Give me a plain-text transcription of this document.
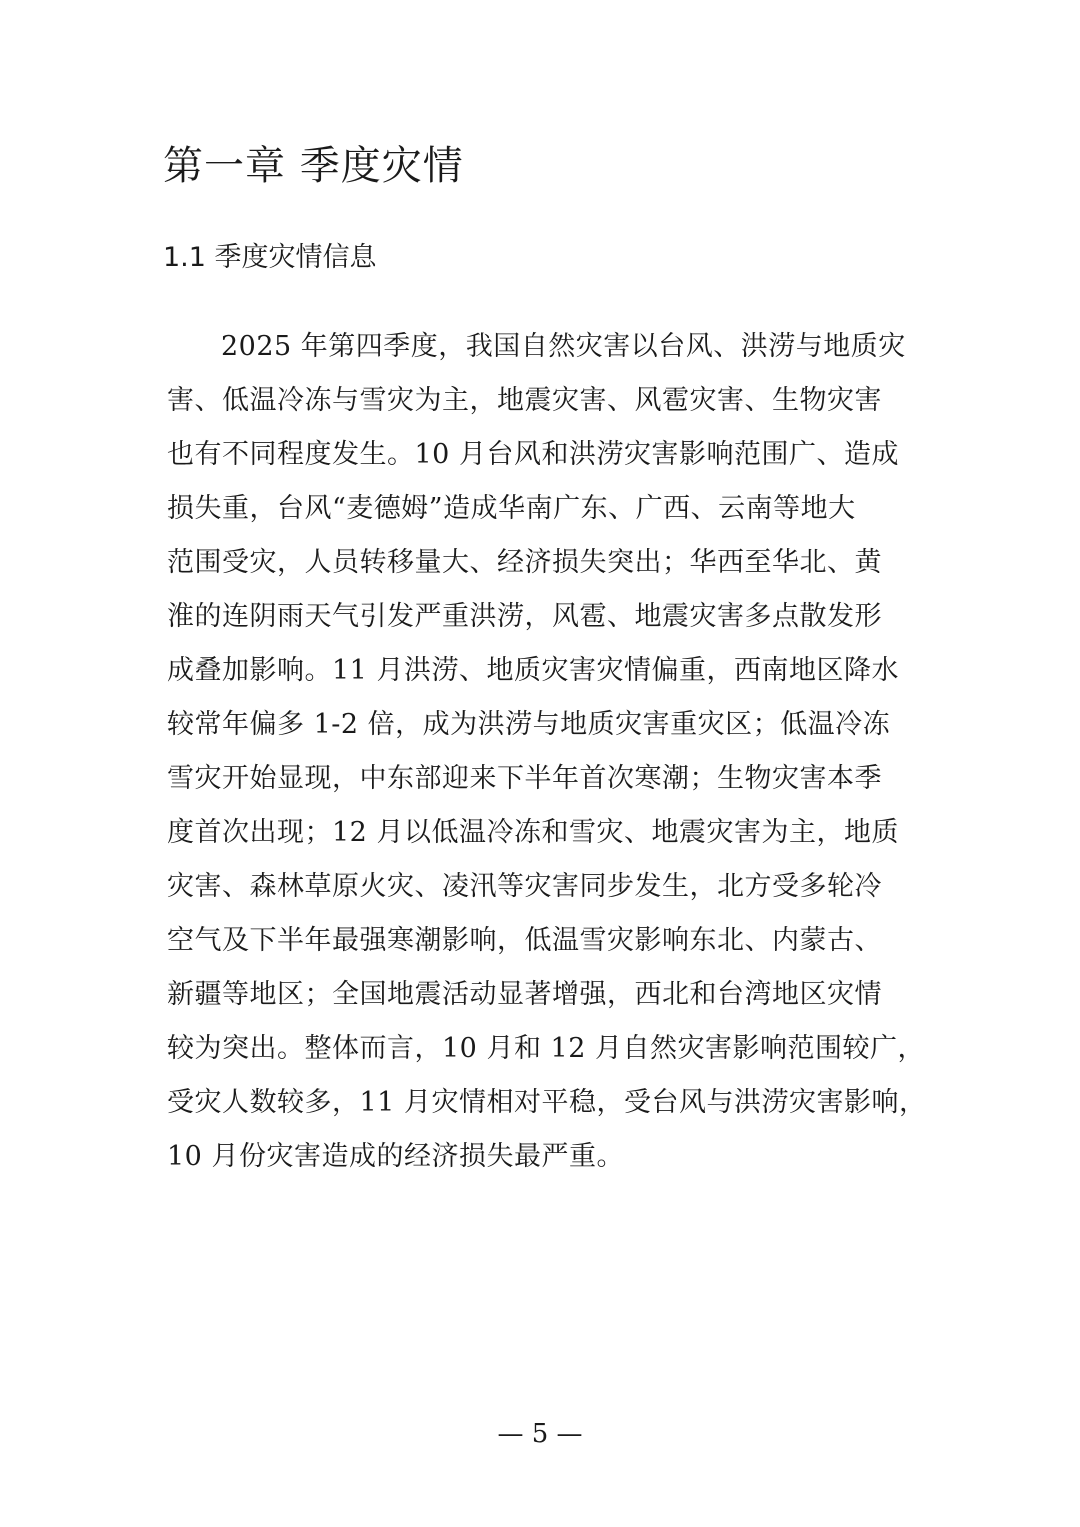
第一章 季度灾情
1.1 季度灾情信息
2025 年第四季度，我国自然灾害以台风、洪涝与地质灾
害、低温冷冻与雪灾为主，地震灾害、风雹灾害、生物灾害
也有不同程度发生。10 月台风和洪涝灾害影响范围广、造成
损失重，台风“麦德姆”造成华南广东、广西、云南等地大
范围受灾，人员转移量大、经济损失突出；华西至华北、黄
淮的连阴雨天气引发严重洪涝，风雹、地震灾害多点散发形
成叠加影响。11 月洪涝、地质灾害灾情偏重，西南地区降水
较常年偏多 1-2 倍，成为洪涝与地质灾害重灾区；低温冷冻
雪灾开始显现，中东部迎来下半年首次寒潮；生物灾害本季
度首次出现；12 月以低温冷冻和雪灾、地震灾害为主，地质
灾害、森林草原火灾、凌汛等灾害同步发生，北方受多轮冷
空气及下半年最强寒潮影响，低温雪灾影响东北、内蒙古、
新疆等地区；全国地震活动显著增强，西北和台湾地区灾情
较为突出。整体而言，10 月和 12 月自然灾害影响范围较广，
受灾人数较多，11 月灾情相对平稳，受台风与洪涝灾害影响，
10 月份灾害造成的经济损失最严重。
— 5 —
